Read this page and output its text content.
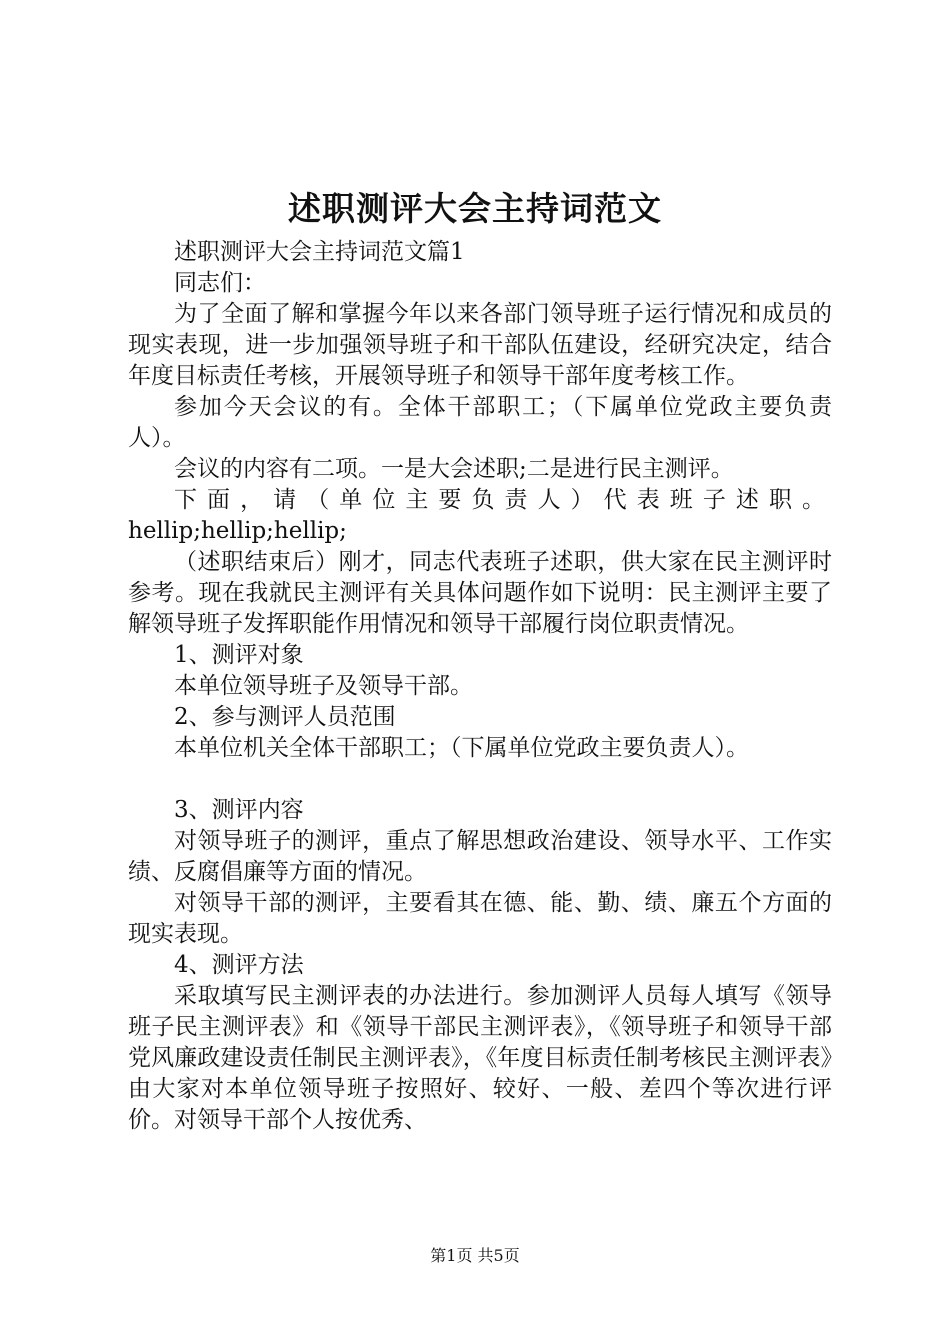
述职测评大会主持词范文

述职测评大会主持词范文篇1

同志们：

为了全面了解和掌握今年以来各部门领导班子运行情况和成员的现实表现，进一步加强领导班子和干部队伍建设，经研究决定，结合年度目标责任考核，开展领导班子和领导干部年度考核工作。

参加今天会议的有。全体干部职工；（下属单位党政主要负责人）。

会议的内容有二项。一是大会述职;二是进行民主测评。

下面，请（单位主要负责人）代表班子述职。

hellip;hellip;hellip;

（述职结束后）刚才，同志代表班子述职，供大家在民主测评时参考。现在我就民主测评有关具体问题作如下说明：民主测评主要了解领导班子发挥职能作用情况和领导干部履行岗位职责情况。

1、测评对象

本单位领导班子及领导干部。

2、参与测评人员范围

本单位机关全体干部职工；（下属单位党政主要负责人）。

3、测评内容

对领导班子的测评，重点了解思想政治建设、领导水平、工作实绩、反腐倡廉等方面的情况。

对领导干部的测评，主要看其在德、能、勤、绩、廉五个方面的现实表现。

4、测评方法

采取填写民主测评表的办法进行。参加测评人员每人填写《领导班子民主测评表》和《领导干部民主测评表》，《领导班子和领导干部党风廉政建设责任制民主测评表》，《年度目标责任制考核民主测评表》由大家对本单位领导班子按照好、较好、一般、差四个等次进行评价。对领导干部个人按优秀、

第1页 共5页
